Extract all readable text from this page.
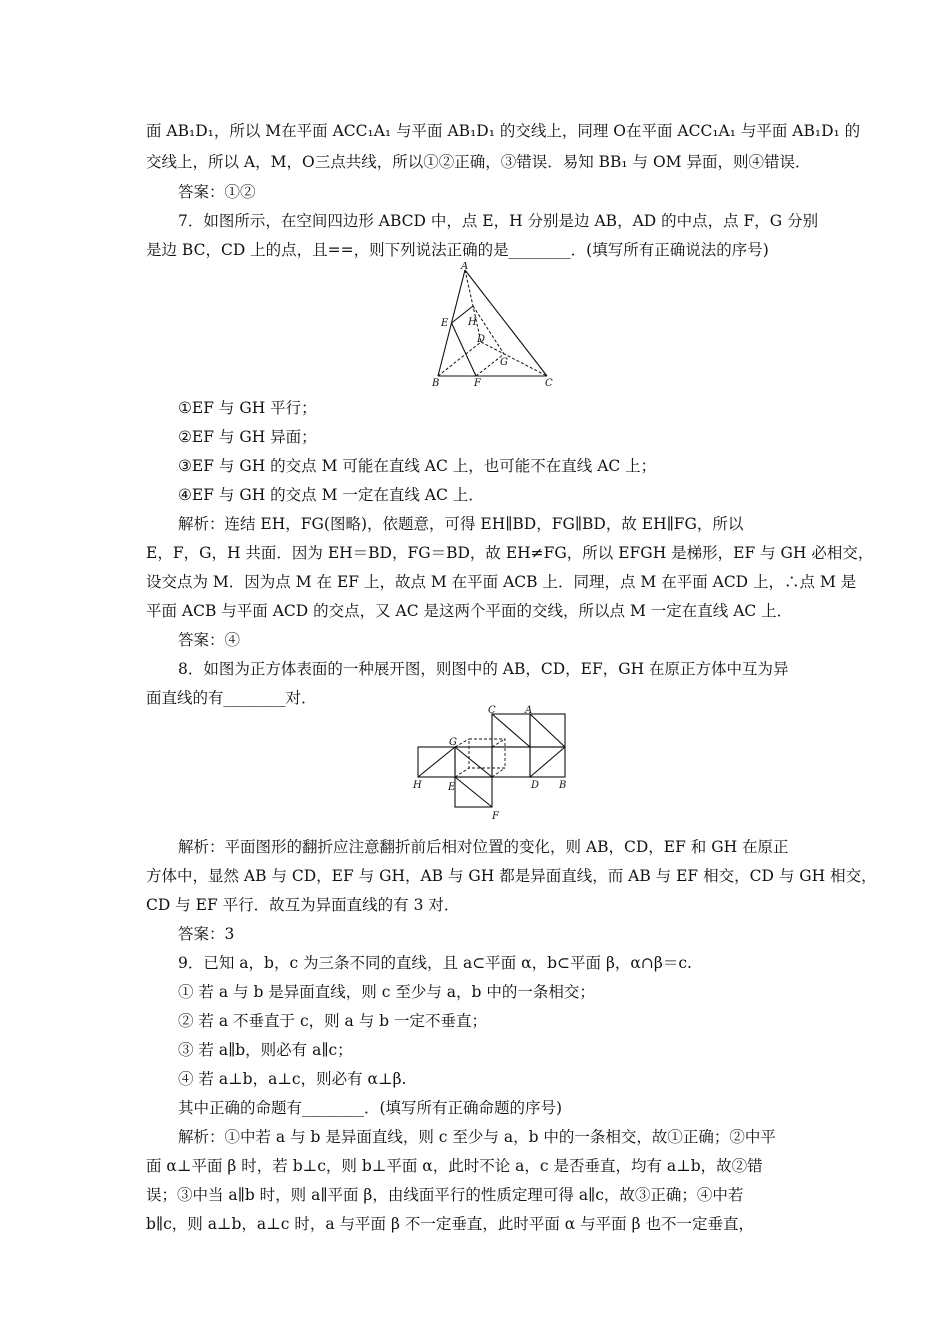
面 AB₁D₁，所以 M在平面 ACC₁A₁ 与平面 AB₁D₁ 的交线上，同理 O在平面 ACC₁A₁ 与平面 AB₁D₁ 的
交线上，所以 A，M，O三点共线，所以①②正确，③错误．易知 BB₁ 与 OM 异面，则④错误．
答案：①②
7．如图所示，在空间四边形 ABCD 中，点 E，H 分别是边 AB，AD 的中点，点 F，G 分别
是边 BC，CD 上的点，且==，则下列说法正确的是________．(填写所有正确说法的序号)
A
E H
D
G
B	F	C
①EF 与 GH 平行；
②EF 与 GH 异面；
③EF 与 GH 的交点 M 可能在直线 AC 上，也可能不在直线 AC 上；
④EF 与 GH 的交点 M 一定在直线 AC 上．
解析：连结 EH，FG(图略)，依题意，可得 EH∥BD，FG∥BD，故 EH∥FG，所以
E，F，G，H 共面．因为 EH＝BD，FG＝BD，故 EH≠FG，所以 EFGH 是梯形，EF 与 GH 必相交，
设交点为 M．因为点 M 在 EF 上，故点 M 在平面 ACB 上．同理，点 M 在平面 ACD 上，∴点 M 是
平面 ACB 与平面 ACD 的交点，又 AC 是这两个平面的交线，所以点 M 一定在直线 AC 上．
答案：④
8．如图为正方体表面的一种展开图，则图中的 AB，CD，EF，GH 在原正方体中互为异
面直线的有________对．
C	A
G
D B
H	E
F
解析：平面图形的翻折应注意翻折前后相对位置的变化，则 AB，CD，EF 和 GH 在原正
方体中，显然 AB 与 CD，EF 与 GH，AB 与 GH 都是异面直线，而 AB 与 EF 相交，CD 与 GH 相交，
CD 与 EF 平行．故互为异面直线的有 3 对．
答案：3
9．已知 a，b，c 为三条不同的直线，且 a⊂平面 α，b⊂平面 β，α∩β＝c.
① 若 a 与 b 是异面直线，则 c 至少与 a，b 中的一条相交；
② 若 a 不垂直于 c，则 a 与 b 一定不垂直；
③ 若 a∥b，则必有 a∥c；
④ 若 a⊥b，a⊥c，则必有 α⊥β.
其中正确的命题有________．(填写所有正确命题的序号)
解析：①中若 a 与 b 是异面直线，则 c 至少与 a，b 中的一条相交，故①正确；②中平
面 α⊥平面 β 时，若 b⊥c，则 b⊥平面 α，此时不论 a，c 是否垂直，均有 a⊥b，故②错
误；③中当 a∥b 时，则 a∥平面 β，由线面平行的性质定理可得 a∥c，故③正确；④中若
b∥c，则 a⊥b，a⊥c 时，a 与平面 β 不一定垂直，此时平面 α 与平面 β 也不一定垂直，
